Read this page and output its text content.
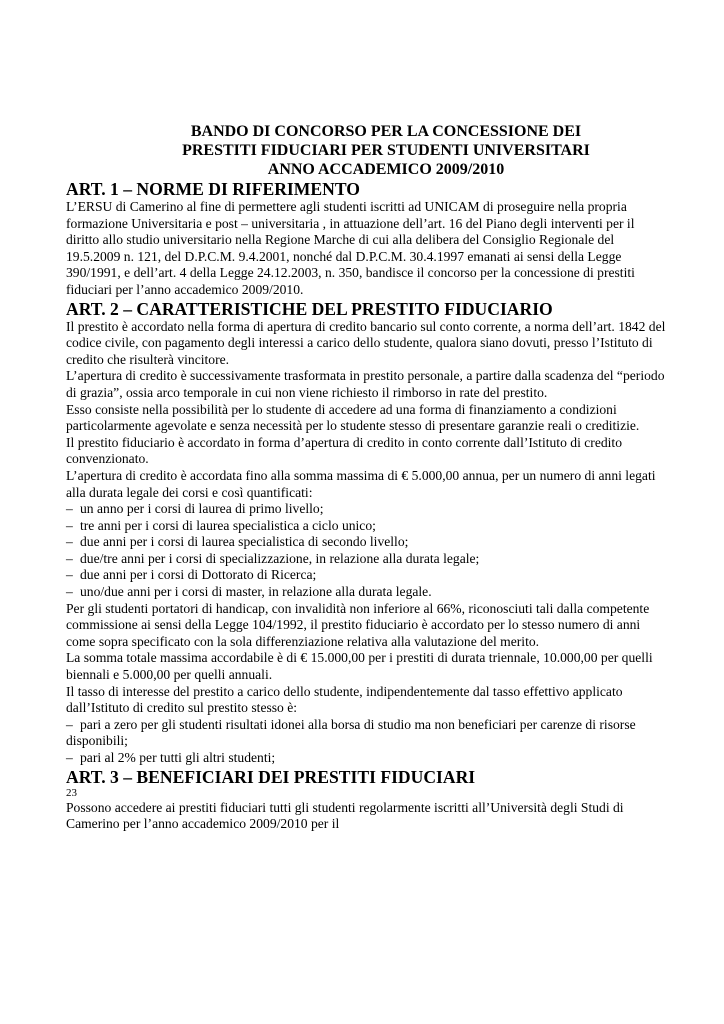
BANDO DI CONCORSO PER LA CONCESSIONE DEI
PRESTITI FIDUCIARI PER STUDENTI UNIVERSITARI
ANNO ACCADEMICO 2009/2010
ART. 1 – NORME DI RIFERIMENTO

L’ERSU di Camerino al fine di permettere agli studenti iscritti ad UNICAM di proseguire nella propria formazione Universitaria e post – universitaria , in attuazione dell’art. 16 del Piano degli interventi per il diritto allo studio universitario nella Regione Marche di cui alla delibera del Consiglio Regionale del 19.5.2009 n. 121, del D.P.C.M. 9.4.2001, nonché dal D.P.C.M. 30.4.1997 emanati ai sensi della Legge 390/1991, e dell’art. 4 della Legge 24.12.2003, n. 350, bandisce il concorso per la concessione di prestiti fiduciari per l’anno accademico 2009/2010.

ART. 2 – CARATTERISTICHE DEL PRESTITO FIDUCIARIO

Il prestito è accordato nella forma di apertura di credito bancario sul conto corrente, a norma dell’art. 1842 del codice civile, con pagamento degli interessi a carico dello studente, qualora siano dovuti, presso l’Istituto di credito che risulterà vincitore.

L’apertura di credito è successivamente trasformata in prestito personale, a partire dalla scadenza del “periodo di grazia”, ossia arco temporale in cui non viene richiesto il rimborso in rate del prestito.

Esso consiste nella possibilità per lo studente di accedere ad una forma di finanziamento a condizioni particolarmente agevolate e senza necessità per lo studente stesso di presentare garanzie reali o creditizie.

Il prestito fiduciario è accordato in forma d’apertura di credito in conto corrente dall’Istituto di credito convenzionato.

L’apertura di credito è accordata fino alla somma massima di € 5.000,00 annua, per un numero di anni legati alla durata legale dei corsi e così quantificati:

– un anno per i corsi di laurea di primo livello;
– tre anni per i corsi di laurea specialistica a ciclo unico;
– due anni per i corsi di laurea specialistica di secondo livello;
– due/tre anni per i corsi di specializzazione, in relazione alla durata legale;
– due anni per i corsi di Dottorato di Ricerca;
– uno/due anni per i corsi di master, in relazione alla durata legale.

Per gli studenti portatori di handicap, con invalidità non inferiore al 66%, riconosciuti tali dalla competente commissione ai sensi della Legge 104/1992, il prestito fiduciario è accordato per lo stesso numero di anni come sopra specificato con la sola differenziazione relativa alla valutazione del merito.

La somma totale massima accordabile è di € 15.000,00 per i prestiti di durata triennale, 10.000,00 per quelli biennali e 5.000,00 per quelli annuali.

Il tasso di interesse del prestito a carico dello studente, indipendentemente dal tasso effettivo applicato dall’Istituto di credito sul prestito stesso è:

– pari a zero per gli studenti risultati idonei alla borsa di studio ma non beneficiari per carenze di risorse disponibili;
– pari al 2% per tutti gli altri studenti;
ART. 3 – BENEFICIARI DEI PRESTITI FIDUCIARI
23

Possono accedere ai prestiti fiduciari tutti gli studenti regolarmente iscritti all’Università degli Studi di Camerino per l’anno accademico 2009/2010 per il
